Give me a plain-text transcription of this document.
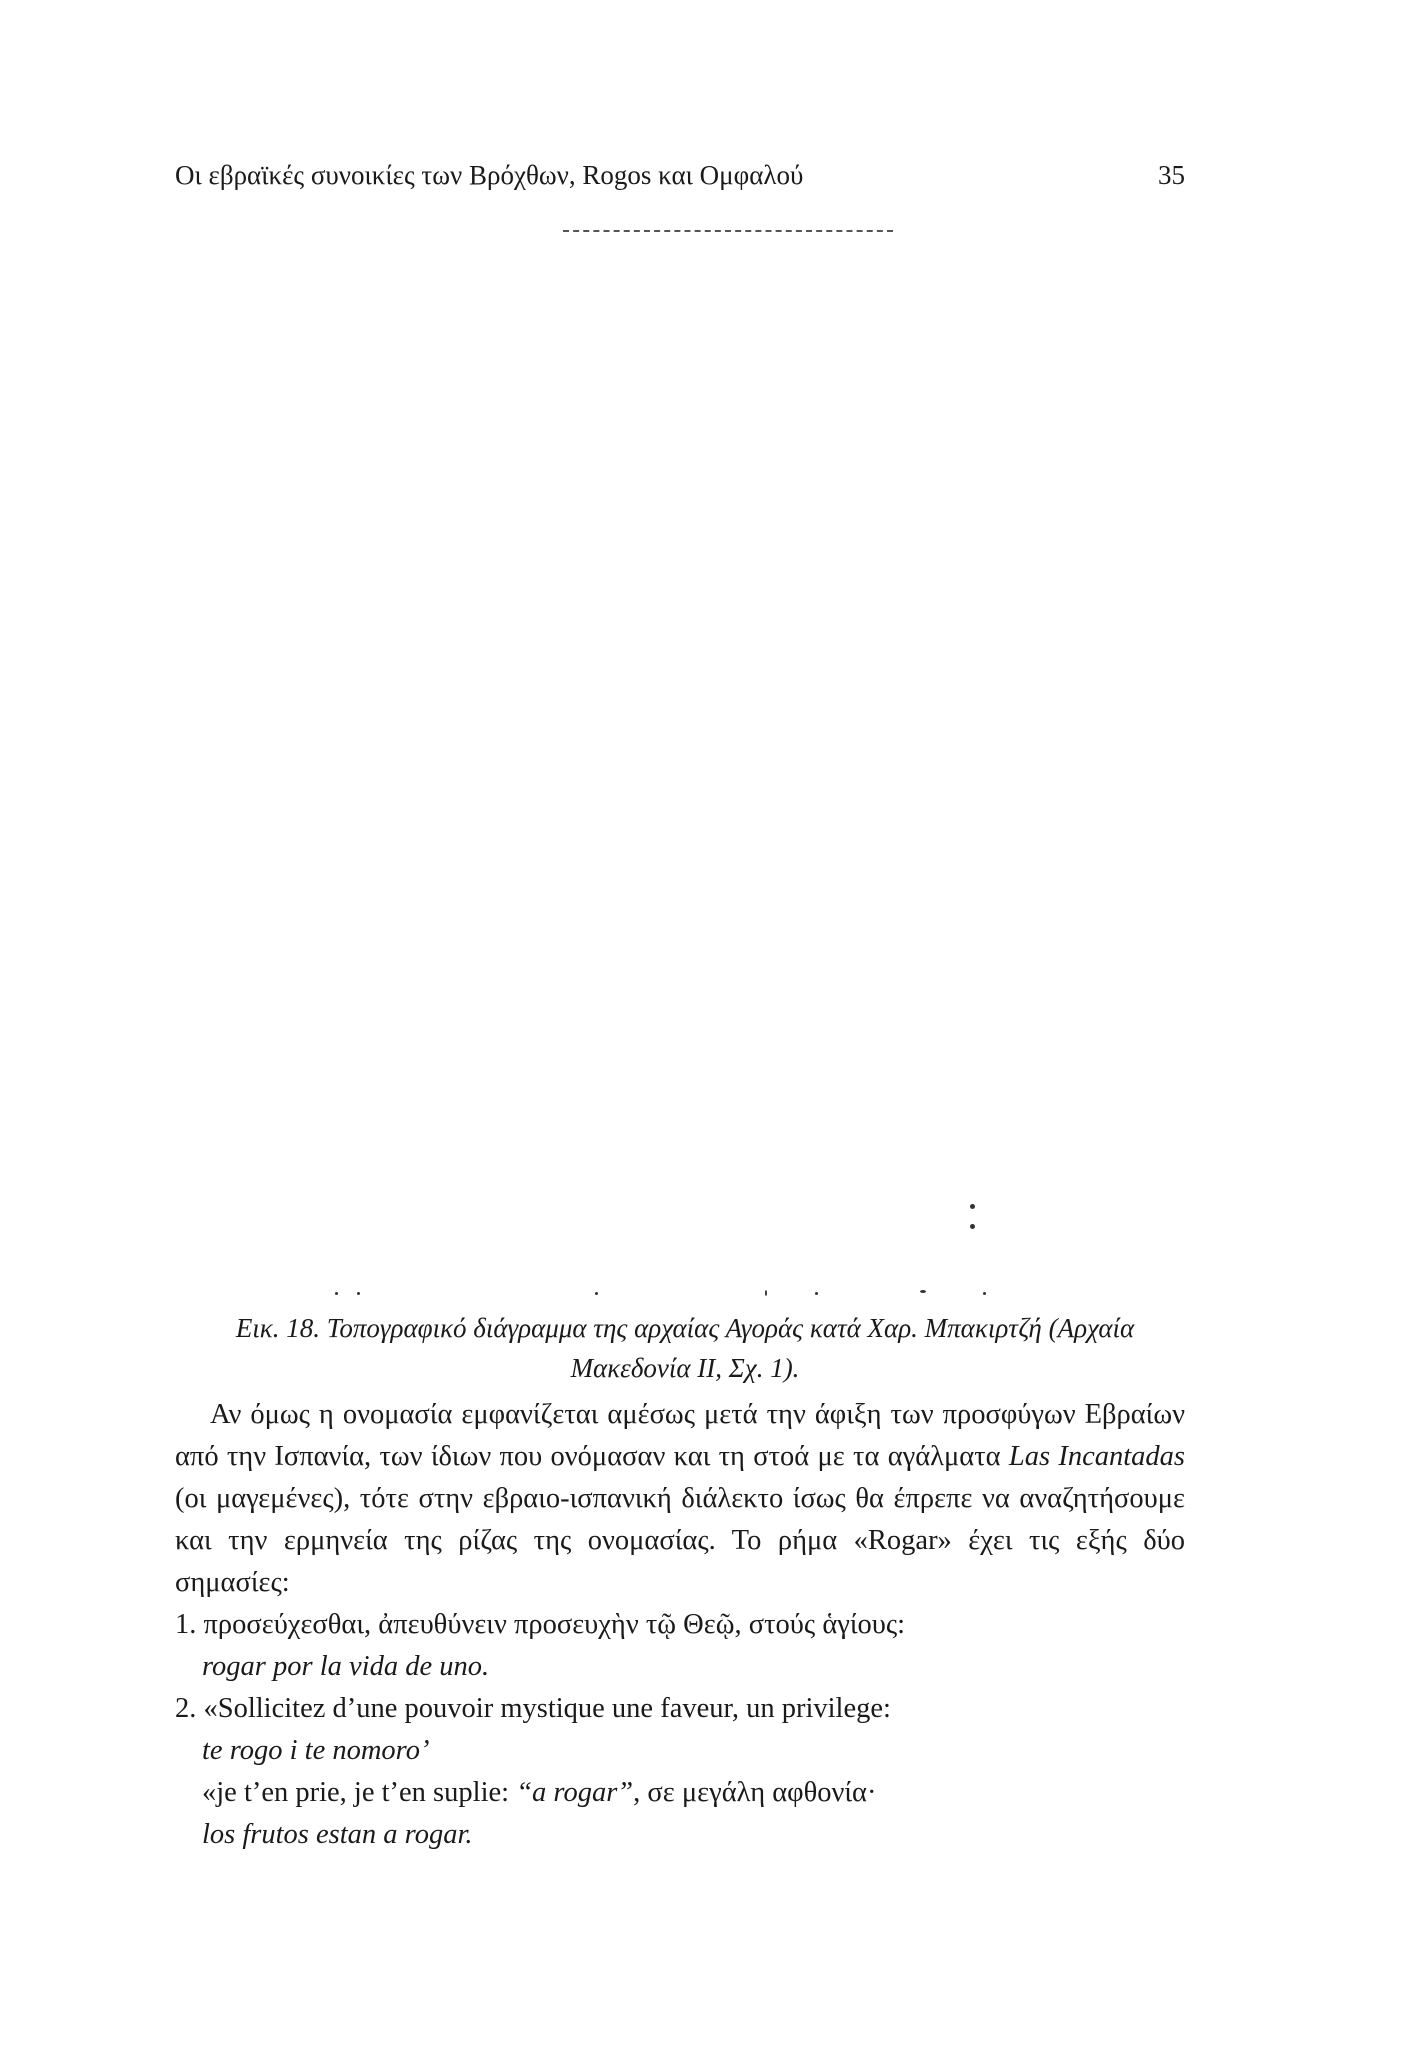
Οι εβραϊκές συνοικίες των Βρόχθων, Rogos και Ομφαλού	35
Εικ. 18. Τοπογραφικό διάγραμμα της αρχαίας Αγοράς κατά Χαρ. Μπακιρτζή (Αρχαία
Μακεδονία ΙΙ, Σχ. 1).

Αν όμως η ονομασία εμφανίζεται αμέσως μετά την άφιξη των προσφύγων Εβραίων από την Ισπανία, των ίδιων που ονόμασαν και τη στοά με τα αγάλματα Las Incantadas (οι μαγεμένες), τότε στην εβραιο-ισπανική διάλεκτο ίσως θα έπρεπε να αναζητήσουμε και την ερμηνεία της ρίζας της ονομασίας. Το ρήμα «Rogar» έχει τις εξής δύο σημασίες:

1. προσεύχεσθαι, ἀπευθύνειν προσευχὴν τῷ Θεῷ, στούς ἁγίους:

rogar por la vida de uno.

2. «Sollicitez d’une pouvoir mystique une faveur, un privilege:

te rogo i te nomoro’

«je t’en prie, je t’en suplie: “a rogar”, σε μεγάλη αφθονία·

los frutos estan a rogar.
